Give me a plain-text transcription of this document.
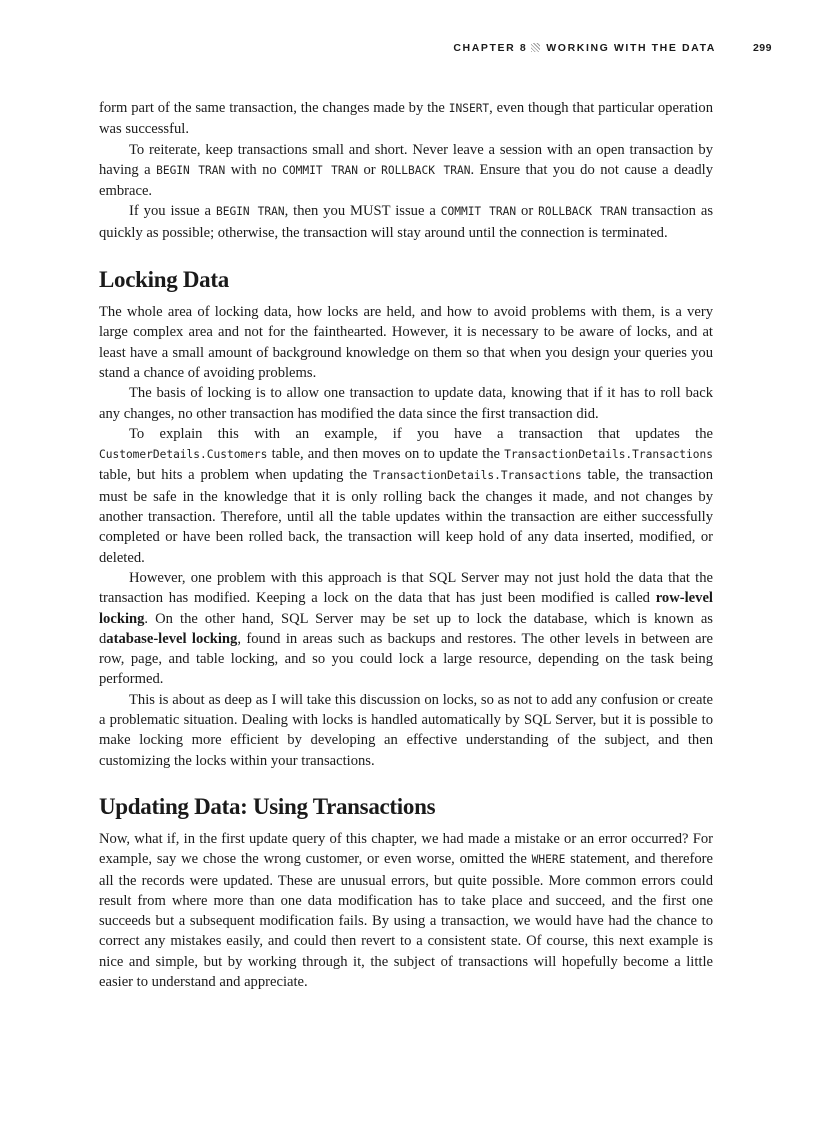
CHAPTER 8 WORKING WITH THE DATA	299

form part of the same transaction, the changes made by the INSERT, even though that particular operation was successful.

To reiterate, keep transactions small and short. Never leave a session with an open transaction by having a BEGIN TRAN with no COMMIT TRAN or ROLLBACK TRAN. Ensure that you do not cause a deadly embrace.

If you issue a BEGIN TRAN, then you MUST issue a COMMIT TRAN or ROLLBACK TRAN transaction as quickly as possible; otherwise, the transaction will stay around until the connection is terminated.

Locking Data

The whole area of locking data, how locks are held, and how to avoid problems with them, is a very large complex area and not for the fainthearted. However, it is necessary to be aware of locks, and at least have a small amount of background knowledge on them so that when you design your queries you stand a chance of avoiding problems.

The basis of locking is to allow one transaction to update data, knowing that if it has to roll back any changes, no other transaction has modified the data since the first transaction did.

To explain this with an example, if you have a transaction that updates the CustomerDetails.Customers table, and then moves on to update the TransactionDetails.Transactions table, but hits a problem when updating the TransactionDetails.Transactions table, the transaction must be safe in the knowledge that it is only rolling back the changes it made, and not changes by another transaction. Therefore, until all the table updates within the transaction are either successfully completed or have been rolled back, the transaction will keep hold of any data inserted, modified, or deleted.

However, one problem with this approach is that SQL Server may not just hold the data that the transaction has modified. Keeping a lock on the data that has just been modified is called row-level locking. On the other hand, SQL Server may be set up to lock the database, which is known as database-level locking, found in areas such as backups and restores. The other levels in between are row, page, and table locking, and so you could lock a large resource, depending on the task being performed.

This is about as deep as I will take this discussion on locks, so as not to add any confusion or create a problematic situation. Dealing with locks is handled automatically by SQL Server, but it is possible to make locking more efficient by developing an effective understanding of the subject, and then customizing the locks within your transactions.

Updating Data: Using Transactions

Now, what if, in the first update query of this chapter, we had made a mistake or an error occurred? For example, say we chose the wrong customer, or even worse, omitted the WHERE statement, and therefore all the records were updated. These are unusual errors, but quite possible. More common errors could result from where more than one data modification has to take place and succeed, and the first one succeeds but a subsequent modification fails. By using a transaction, we would have had the chance to correct any mistakes easily, and could then revert to a consistent state. Of course, this next example is nice and simple, but by working through it, the subject of transactions will hopefully become a little easier to understand and appreciate.
